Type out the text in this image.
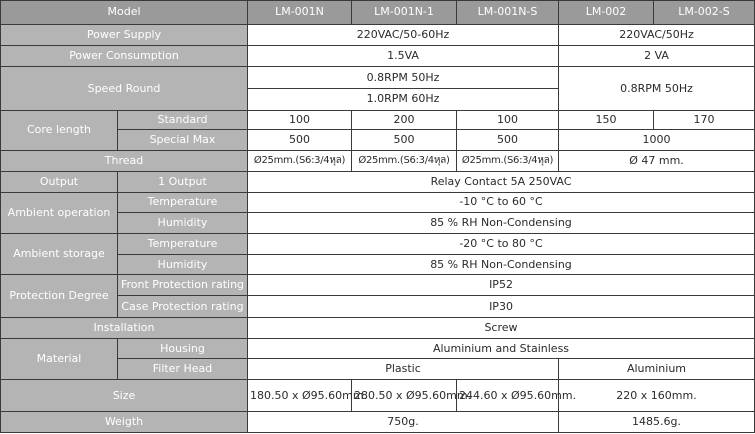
Model		LM-001N	LM-001N-1	LM-001N-S	LM-002	LM-002-S
Power Supply		220VAC/50-60Hz			220VAC/50Hz	
Power Consumption		1.5VA			2 VA	
Speed Round		0.8RPM 50Hz			0.8RPM 50Hz	
		1.0RPM 60Hz				
Core length	Standard	100	200	100	150	170
	Special Max	500	500	500	1000	
Thread		Ø25mm.(S6:3/4หุล)	Ø25mm.(S6:3/4หุล)	Ø25mm.(S6:3/4หุล)	Ø 47 mm.	
Output	1 Output	Relay Contact 5A 250VAC				
Ambient operation	Temperature	-10 °C to 60 °C				
	Humidity	85 % RH Non-Condensing				
Ambient storage	Temperature	-20 °C to 80 °C				
	Humidity	85 % RH Non-Condensing				
Protection Degree	Front Protection rating	IP52				
	Case Protection rating	IP30				
Installation		Screw				
Material	Housing	Aluminium and Stainless				
	Filter Head	Plastic			Aluminium	
Size		180.50 x Ø95.60mm.	280.50 x Ø95.60mm.	244.60 x Ø95.60mm.	220 x 160mm.	
Weigth		750g.			1485.6g.	
